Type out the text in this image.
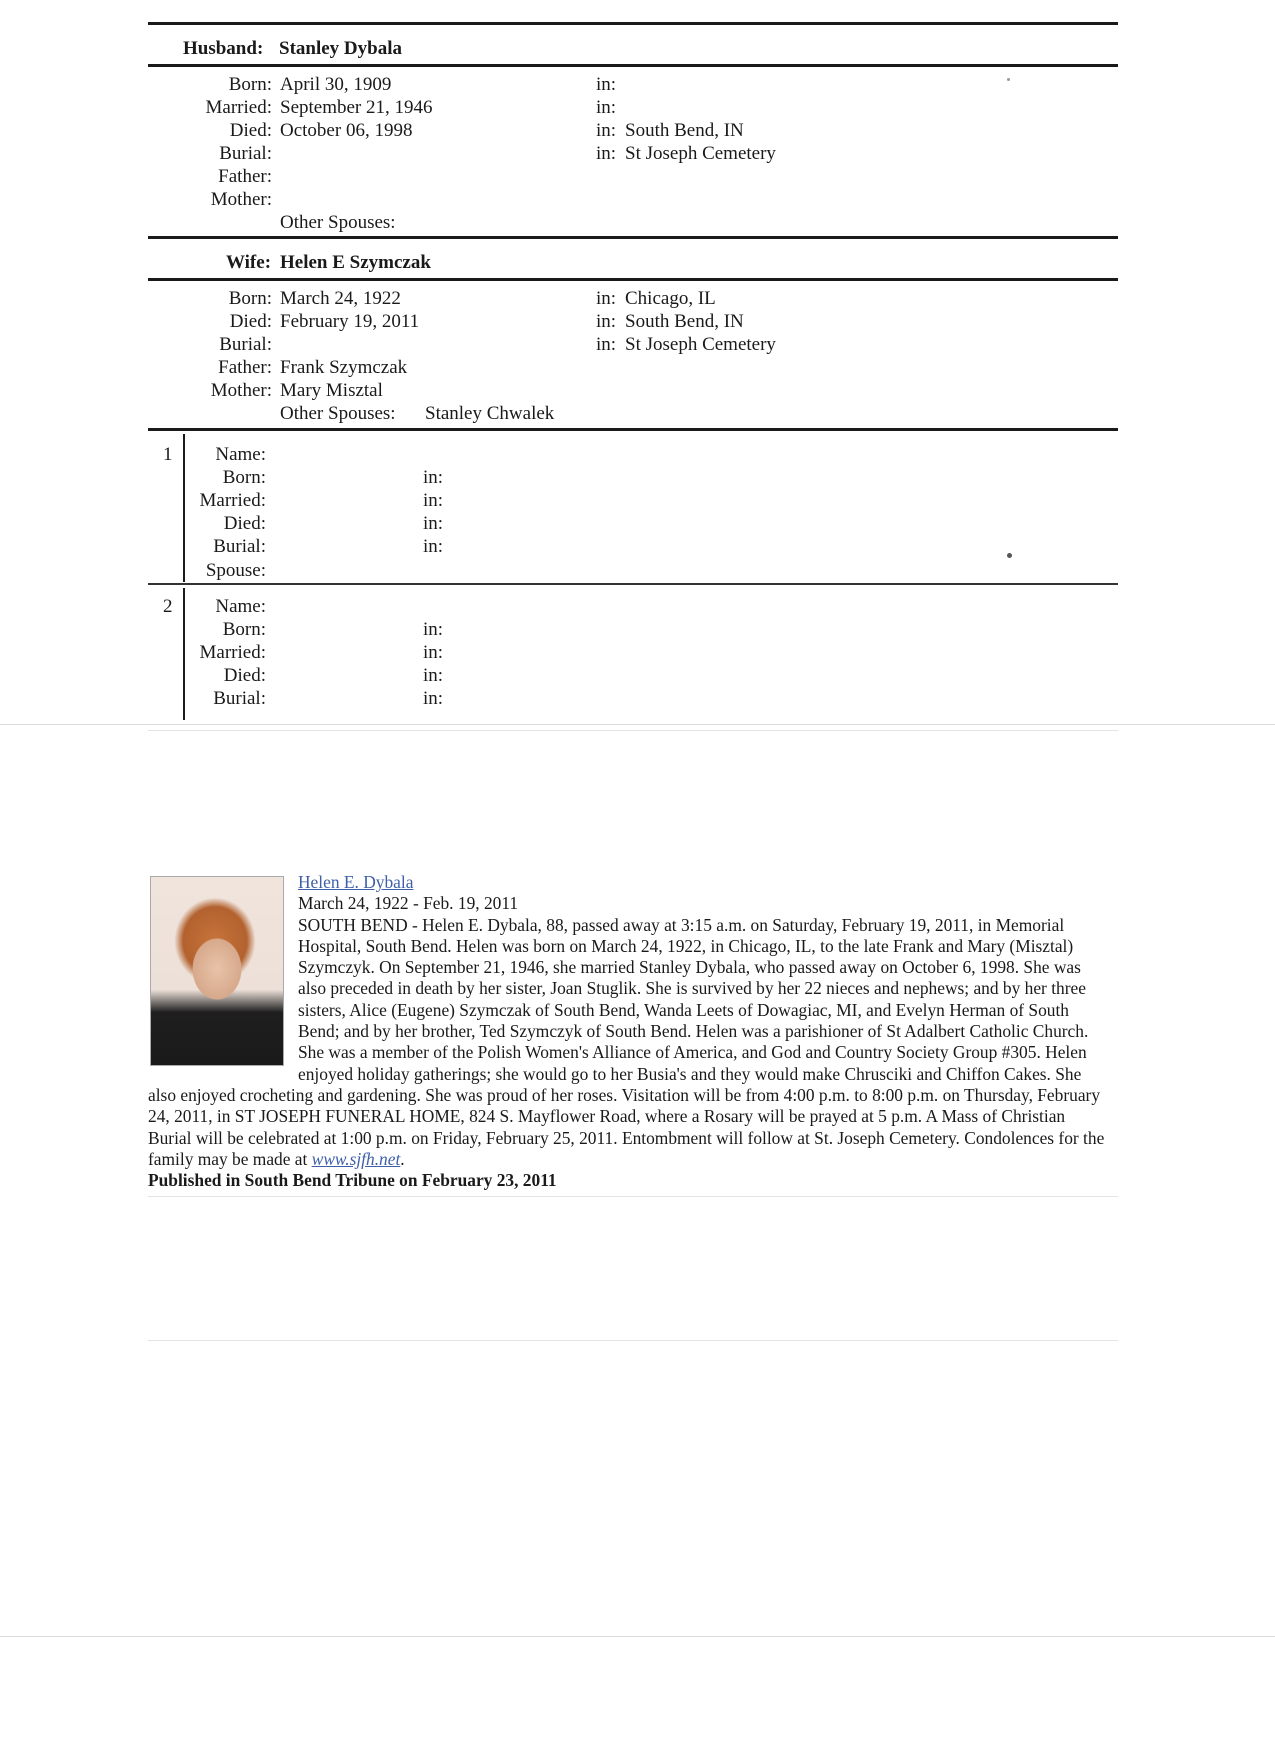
Husband: Stanley Dybala
Born: April 30, 1909	in:
Married: September 21, 1946	in:
Died: October 06, 1998	in: South Bend, IN
Burial:	in: St Joseph Cemetery
Father:
Mother:
Other Spouses:
Wife: Helen E Szymczak
Born: March 24, 1922	in: Chicago, IL
Died: February 19, 2011	in: South Bend, IN
Burial:	in: St Joseph Cemetery
Father: Frank Szymczak
Mother: Mary Misztal
Other Spouses: Stanley Chwalek
1	Name:
Born:	in:
Married:	in:
Died:	in:
Burial:	in:
Spouse:
2	Name:
Born:	in:
Married:	in:
Died:	in:
Burial:	in:

Helen E. Dybala

March 24, 1922 - Feb. 19, 2011

SOUTH BEND - Helen E. Dybala, 88, passed away at 3:15 a.m. on Saturday, February 19, 2011, in Memorial Hospital, South Bend. Helen was born on March 24, 1922, in Chicago, IL, to the late Frank and Mary (Misztal) Szymczyk. On September 21, 1946, she married Stanley Dybala, who passed away on October 6, 1998. She was also preceded in death by her sister, Joan Stuglik. She is survived by her 22 nieces and nephews; and by her three sisters, Alice (Eugene) Szymczak of South Bend, Wanda Leets of Dowagiac, MI, and Evelyn Herman of South Bend; and by her brother, Ted Szymczyk of South Bend. Helen was a parishioner of St Adalbert Catholic Church. She was a member of the Polish Women's Alliance of America, and God and Country Society Group #305. Helen enjoyed holiday gatherings; she would go to her Busia's and they would make Chrusciki and Chiffon Cakes. She also enjoyed crocheting and gardening. She was proud of her roses. Visitation will be from 4:00 p.m. to 8:00 p.m. on Thursday, February 24, 2011, in ST JOSEPH FUNERAL HOME, 824 S. Mayflower Road, where a Rosary will be prayed at 5 p.m. A Mass of Christian Burial will be celebrated at 1:00 p.m. on Friday, February 25, 2011. Entombment will follow at St. Joseph Cemetery. Condolences for the family may be made at www.sjfh.net.

Published in South Bend Tribune on February 23, 2011
